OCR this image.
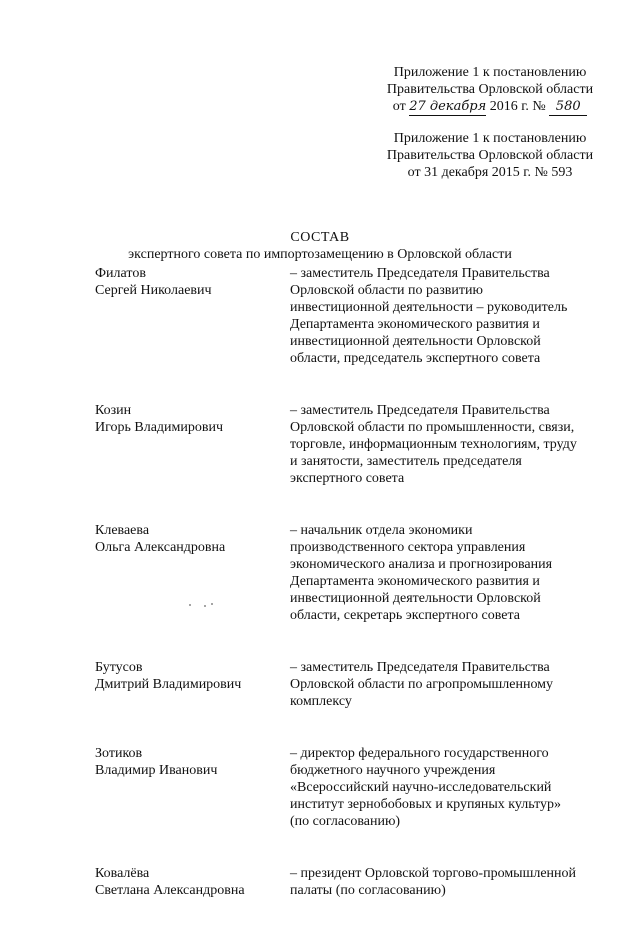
Приложение 1 к постановлению
Правительства Орловской области
от 27 декабря 2016 г. № 580
Приложение 1 к постановлению
Правительства Орловской области
от 31 декабря 2015 г. № 593
СОСТАВ
экспертного совета по импортозамещению в Орловской области
Филатов
Сергей Николаевич
– заместитель Председателя Правительства
Орловской области по развитию
инвестиционной деятельности – руководитель
Департамента экономического развития и
инвестиционной деятельности Орловской
области, председатель экспертного совета
Козин
Игорь Владимирович
– заместитель Председателя Правительства
Орловской области по промышленности, связи,
торговле, информационным технологиям, труду
и занятости, заместитель председателя
экспертного совета
Клеваева
Ольга Александровна
– начальник отдела экономики
производственного сектора управления
экономического анализа и прогнозирования
Департамента экономического развития и
инвестиционной деятельности Орловской
области, секретарь экспертного совета
Бутусов
Дмитрий Владимирович
– заместитель Председателя Правительства
Орловской области по агропромышленному
комплексу
Зотиков
Владимир Иванович
– директор федерального государственного
бюджетного научного учреждения
«Всероссийский научно-исследовательский
институт зернобобовых и крупяных культур»
(по согласованию)
Ковалёва
Светлана Александровна
– президент Орловской торгово-промышленной
палаты (по согласованию)
